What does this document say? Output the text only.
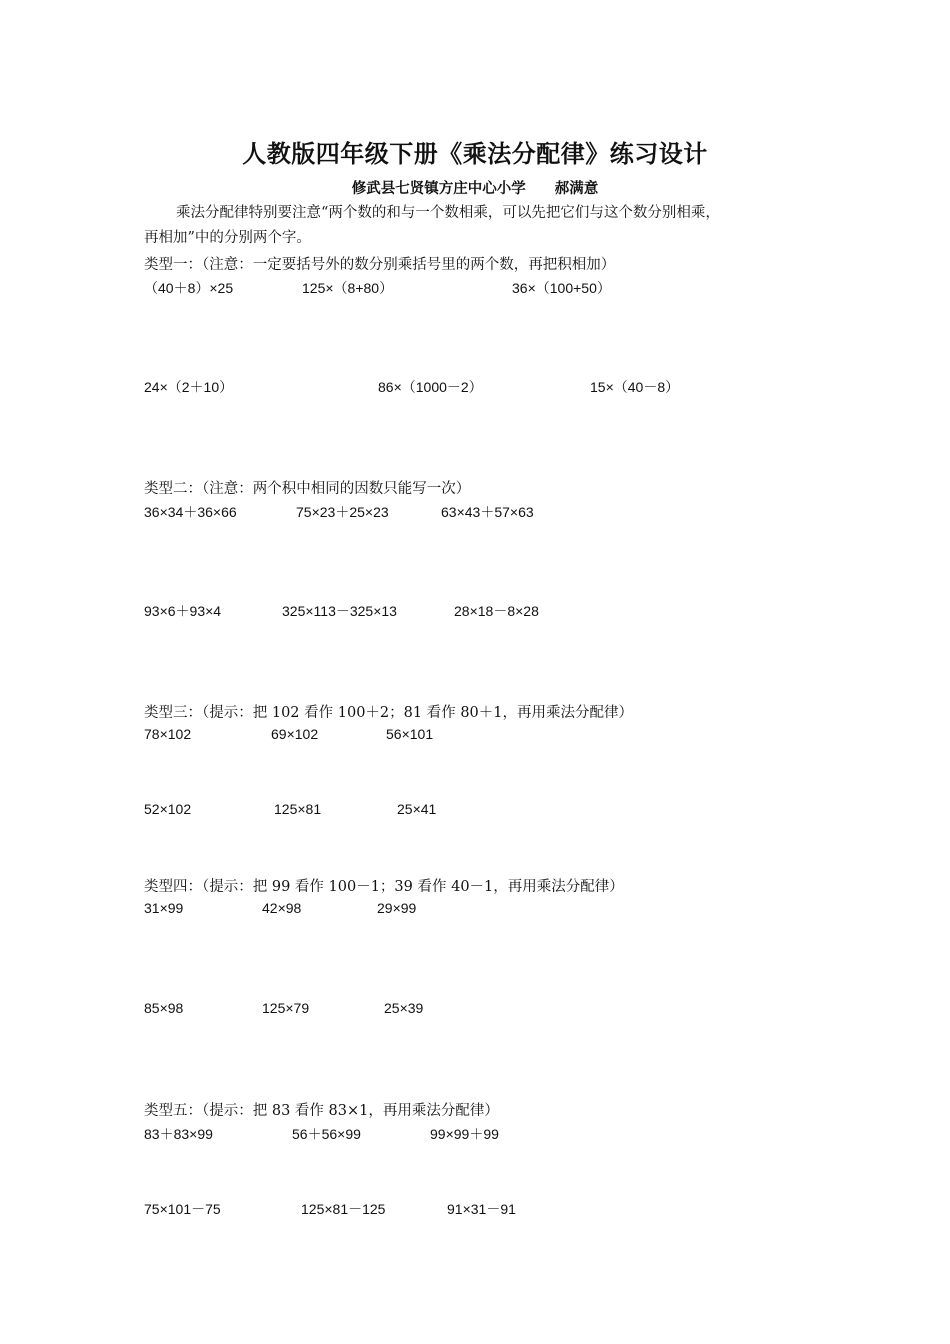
人教版四年级下册《乘法分配律》练习设计
修武县七贤镇方庄中心小学　　郝满意
乘法分配律特别要注意“两个数的和与一个数相乘，可以先把它们与这个数分别相乘，
再相加”中的分别两个字。
类型一：（注意：一定要括号外的数分别乘括号里的两个数，再把积相加）
（40＋8）×25	125×（8+80）	36×（100+50）
24×（2＋10）	86×（1000－2）	15×（40－8）
类型二：（注意：两个积中相同的因数只能写一次）
36×34＋36×66	75×23＋25×23	63×43＋57×63
93×6＋93×4	325×113－325×13	28×18－8×28
类型三：（提示：把 102 看作 100＋2；81 看作 80＋1，再用乘法分配律）
78×102	69×102	56×101
52×102	125×81	25×41
类型四：（提示：把 99 看作 100－1；39 看作 40－1，再用乘法分配律）
31×99	42×98	29×99
85×98	125×79	25×39
类型五：（提示：把 83 看作 83×1，再用乘法分配律）
83＋83×99	56＋56×99	99×99＋99
75×101－75	125×81－125	91×31－91
